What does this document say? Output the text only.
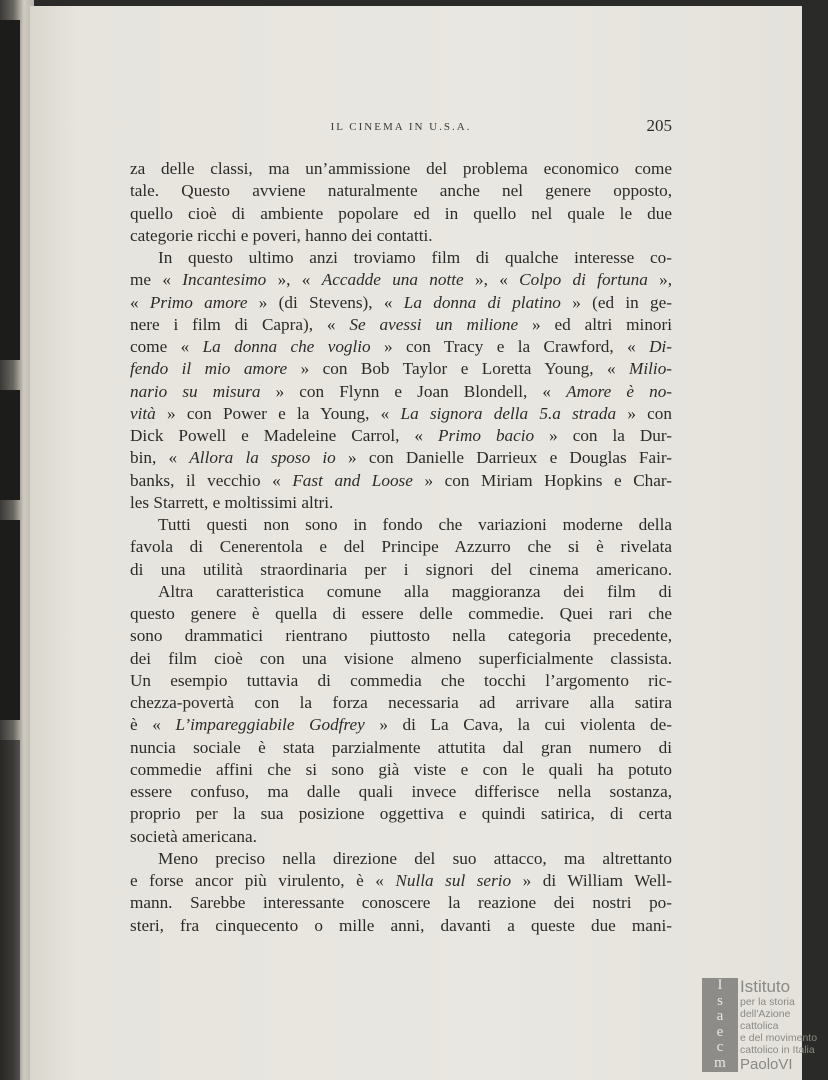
IL CINEMA IN U.S.A.	205
za delle classi, ma un’ammissione del problema economico come
tale. Questo avviene naturalmente anche nel genere opposto,
quello cioè di ambiente popolare ed in quello nel quale le due
categorie ricchi e poveri, hanno dei contatti.
In questo ultimo anzi troviamo film di qualche interesse co-
me « Incantesimo », « Accadde una notte », « Colpo di fortuna »,
« Primo amore » (di Stevens), « La donna di platino » (ed in ge-
nere i film di Capra), « Se avessi un milione » ed altri minori
come « La donna che voglio » con Tracy e la Crawford, « Di-
fendo il mio amore » con Bob Taylor e Loretta Young, « Milio-
nario su misura » con Flynn e Joan Blondell, « Amore è no-
vità » con Power e la Young, « La signora della 5.a strada » con
Dick Powell e Madeleine Carrol, « Primo bacio » con la Dur-
bin, « Allora la sposo io » con Danielle Darrieux e Douglas Fair-
banks, il vecchio « Fast and Loose » con Miriam Hopkins e Char-
les Starrett, e moltissimi altri.
Tutti questi non sono in fondo che variazioni moderne della
favola di Cenerentola e del Principe Azzurro che si è rivelata
di una utilità straordinaria per i signori del cinema americano.
Altra caratteristica comune alla maggioranza dei film di
questo genere è quella di essere delle commedie. Quei rari che
sono drammatici rientrano piuttosto nella categoria precedente,
dei film cioè con una visione almeno superficialmente classista.
Un esempio tuttavia di commedia che tocchi l’argomento ric-
chezza-povertà con la forza necessaria ad arrivare alla satira
è « L’impareggiabile Godfrey » di La Cava, la cui violenta de-
nuncia sociale è stata parzialmente attutita dal gran numero di
commedie affini che si sono già viste e con le quali ha potuto
essere confuso, ma dalle quali invece differisce nella sostanza,
proprio per la sua posizione oggettiva e quindi satirica, di certa
società americana.
Meno preciso nella direzione del suo attacco, ma altrettanto
e forse ancor più virulento, è « Nulla sul serio » di William Well-
mann. Sarebbe interessante conoscere la reazione dei nostri po-
steri, fra cinquecento o mille anni, davanti a queste due mani-
I
s
a
e
c
m
Istituto
per la storia
dell'Azione cattolica
e del movimento
cattolico in Italia
PaoloVI
